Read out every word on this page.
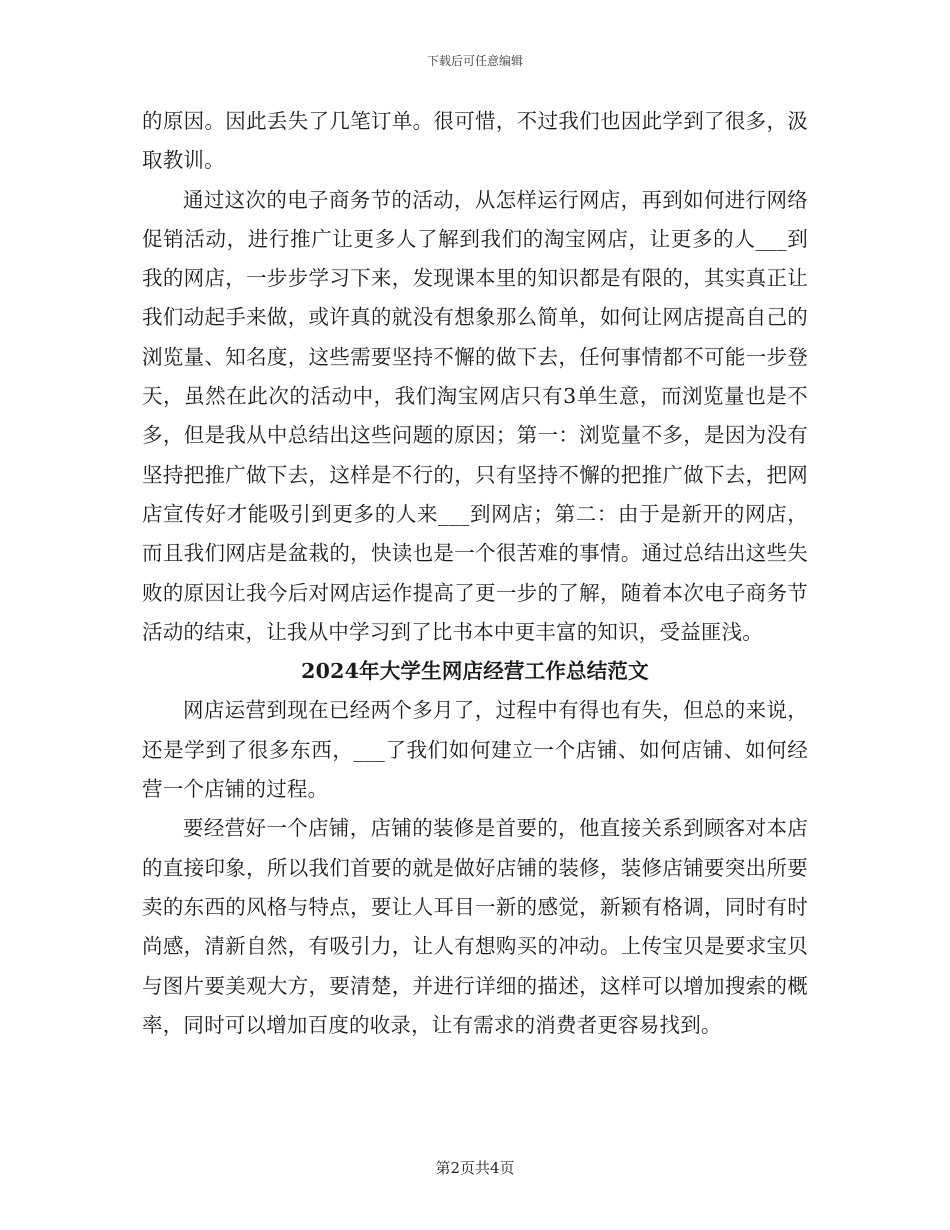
下载后可任意编辑

的原因。因此丢失了几笔订单。很可惜，不过我们也因此学到了很多，汲取教训。

通过这次的电子商务节的活动，从怎样运行网店，再到如何进行网络促销活动，进行推广让更多人了解到我们的淘宝网店，让更多的人___到我的网店，一步步学习下来，发现课本里的知识都是有限的，其实真正让我们动起手来做，或许真的就没有想象那么简单，如何让网店提高自己的浏览量、知名度，这些需要坚持不懈的做下去，任何事情都不可能一步登天，虽然在此次的活动中，我们淘宝网店只有3单生意，而浏览量也是不多，但是我从中总结出这些问题的原因；第一：浏览量不多，是因为没有坚持把推广做下去，这样是不行的，只有坚持不懈的把推广做下去，把网店宣传好才能吸引到更多的人来___到网店；第二：由于是新开的网店，而且我们网店是盆栽的，快读也是一个很苦难的事情。通过总结出这些失败的原因让我今后对网店运作提高了更一步的了解，随着本次电子商务节活动的结束，让我从中学习到了比书本中更丰富的知识，受益匪浅。

2024年大学生网店经营工作总结范文

网店运营到现在已经两个多月了，过程中有得也有失，但总的来说，还是学到了很多东西，___了我们如何建立一个店铺、如何店铺、如何经营一个店铺的过程。

要经营好一个店铺，店铺的装修是首要的，他直接关系到顾客对本店的直接印象，所以我们首要的就是做好店铺的装修，装修店铺要突出所要卖的东西的风格与特点，要让人耳目一新的感觉，新颖有格调，同时有时尚感，清新自然，有吸引力，让人有想购买的冲动。上传宝贝是要求宝贝与图片要美观大方，要清楚，并进行详细的描述，这样可以增加搜索的概率，同时可以增加百度的收录，让有需求的消费者更容易找到。

第2页共4页
